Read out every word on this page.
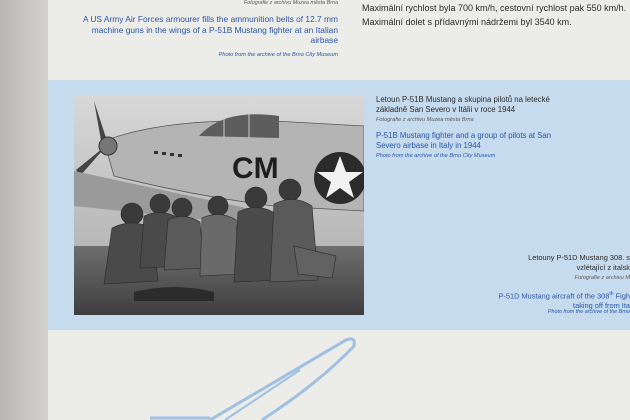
Fotografie z archivu Muzea města Brna
A US Army Air Forces armourer fills the ammunition belts of 12.7 mm machine guns in the wings of a P-51B Mustang fighter at an Italian airbase
Photo from the archive of the Brno City Museum
Maximální rychlost byla 700 km/h, cestovní rychlost pak 550 km/h.
Maximální dolet s přídavnými nádržemi byl 3540 km.
CM
Letoun P-51B Mustang a skupina pilotů na letecké základně San Severo v Itálii v roce 1944
Fotografie z archivu Muzea města Brna
P-51B Mustang fighter and a group of pilots at San Severo airbase in Italy in 1944
Photo from the archive of the Brno City Museum
Letouny P-51D Mustang 308. s
vzlétající z italsk
Fotografie z archivu M
P-51D Mustang aircraft of the 308th Figh
taking off from Ita
Photo from the archive of the Brno
